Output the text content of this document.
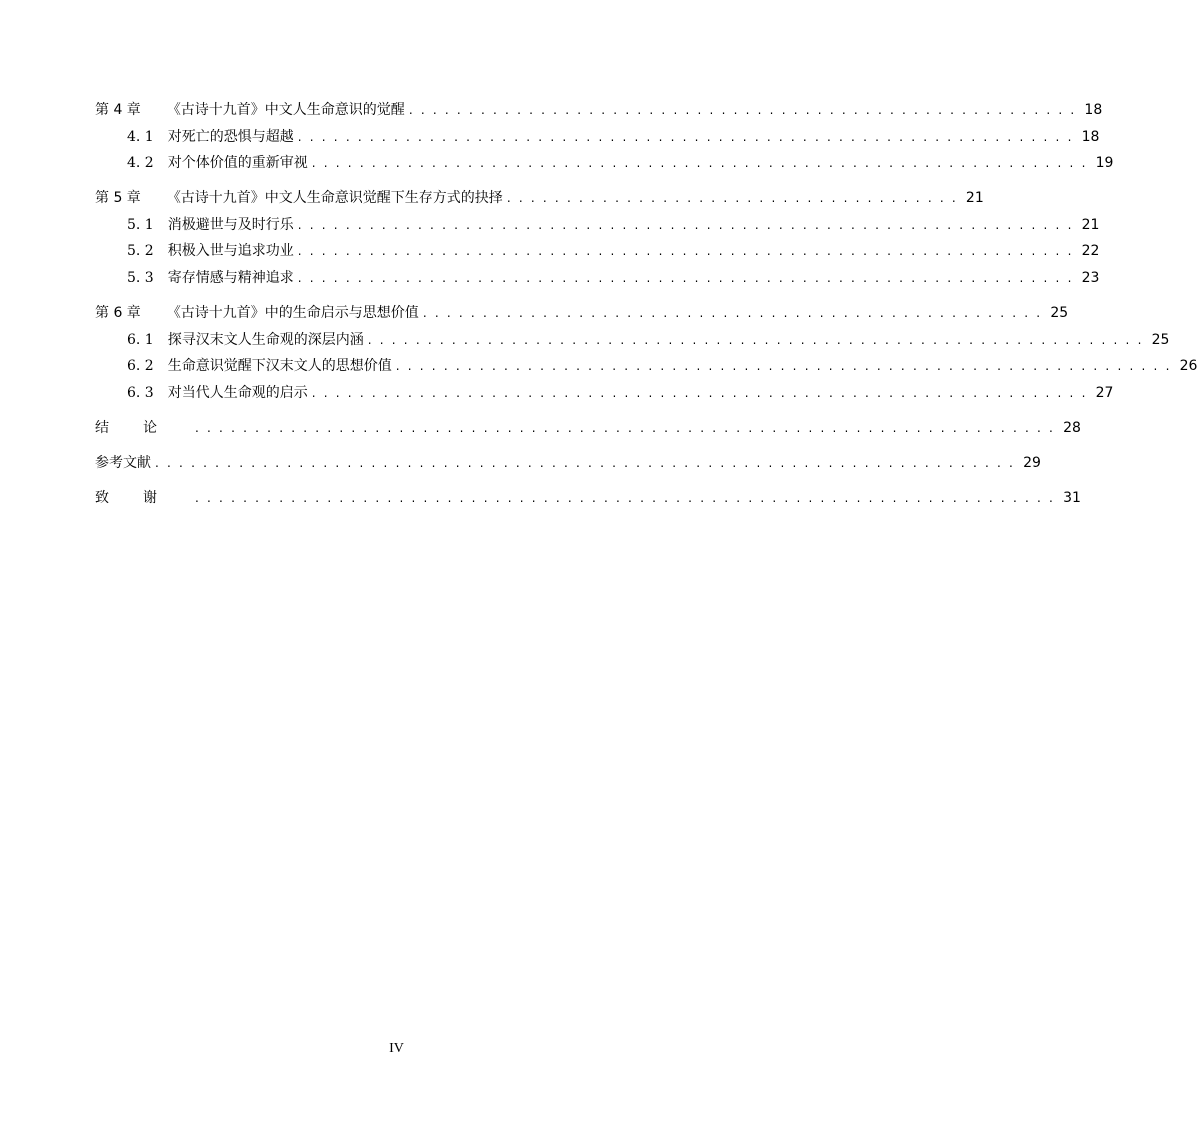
第 4 章 《古诗十九首》中文人生命意识的觉醒 . . . . . . . . . . . . . . . . . . . . . . . . . . . . . . . . . . . . . . . . . . . . . . . . . . . . . . . . 18
4. 1 对死亡的恐惧与超越 . . . . . . . . . . . . . . . . . . . . . . . . . . . . . . . . . . . . . . . . . . . . . . . . . . . . . . . . . . . . . . . . . 18
4. 2 对个体价值的重新审视 . . . . . . . . . . . . . . . . . . . . . . . . . . . . . . . . . . . . . . . . . . . . . . . . . . . . . . . . . . . . . . . . . 19
第 5 章 《古诗十九首》中文人生命意识觉醒下生存方式的抉择 . . . . . . . . . . . . . . . . . . . . . . . . . . . . . . . . . . . . . . 21
5. 1 消极避世与及时行乐 . . . . . . . . . . . . . . . . . . . . . . . . . . . . . . . . . . . . . . . . . . . . . . . . . . . . . . . . . . . . . . . . . 21
5. 2 积极入世与追求功业 . . . . . . . . . . . . . . . . . . . . . . . . . . . . . . . . . . . . . . . . . . . . . . . . . . . . . . . . . . . . . . . . . 22
5. 3 寄存情感与精神追求 . . . . . . . . . . . . . . . . . . . . . . . . . . . . . . . . . . . . . . . . . . . . . . . . . . . . . . . . . . . . . . . . . 23
第 6 章 《古诗十九首》中的生命启示与思想价值 . . . . . . . . . . . . . . . . . . . . . . . . . . . . . . . . . . . . . . . . . . . . . . . . . . . . 25
6. 1 探寻汉末文人生命观的深层内涵 . . . . . . . . . . . . . . . . . . . . . . . . . . . . . . . . . . . . . . . . . . . . . . . . . . . . . . . . . . . . . . . . . 25
6. 2 生命意识觉醒下汉末文人的思想价值 . . . . . . . . . . . . . . . . . . . . . . . . . . . . . . . . . . . . . . . . . . . . . . . . . . . . . . . . . . . . . . . . . 26
6. 3 对当代人生命观的启示 . . . . . . . . . . . . . . . . . . . . . . . . . . . . . . . . . . . . . . . . . . . . . . . . . . . . . . . . . . . . . . . . . 27
结论 . . . . . . . . . . . . . . . . . . . . . . . . . . . . . . . . . . . . . . . . . . . . . . . . . . . . . . . . . . . . . . . . . . . . . . . . 28
参考文献 . . . . . . . . . . . . . . . . . . . . . . . . . . . . . . . . . . . . . . . . . . . . . . . . . . . . . . . . . . . . . . . . . . . . . . . . 29
致谢 . . . . . . . . . . . . . . . . . . . . . . . . . . . . . . . . . . . . . . . . . . . . . . . . . . . . . . . . . . . . . . . . . . . . . . . . 31
IV
